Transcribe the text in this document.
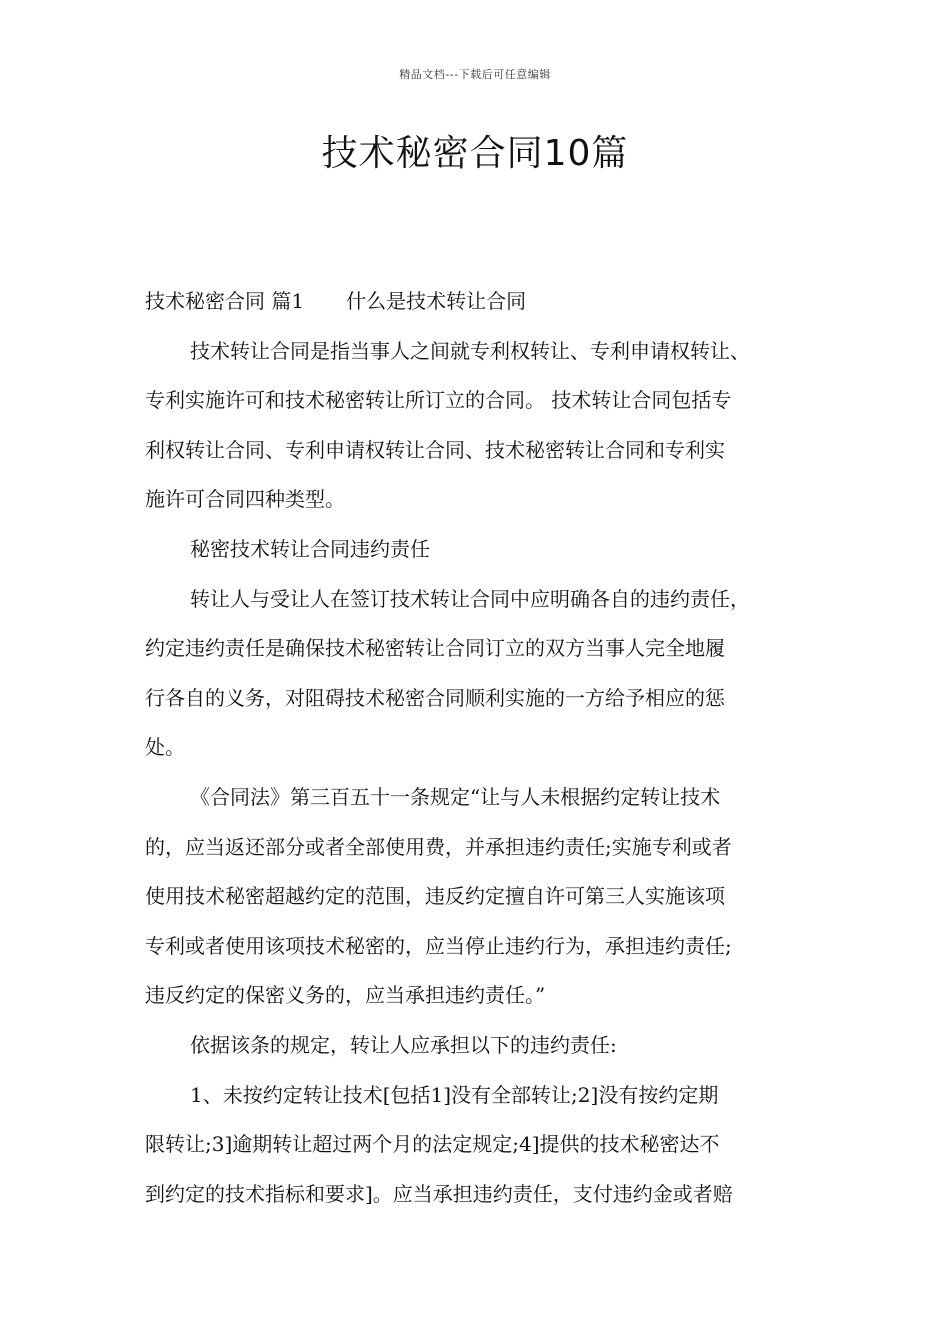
精品文档---下载后可任意编辑
技术秘密合同10篇
技术秘密合同 篇1 什么是技术转让合同
技术转让合同是指当事人之间就专利权转让、专利申请权转让、
专利实施许可和技术秘密转让所订立的合同。 技术转让合同包括专
利权转让合同、专利申请权转让合同、技术秘密转让合同和专利实
施许可合同四种类型。
秘密技术转让合同违约责任
转让人与受让人在签订技术转让合同中应明确各自的违约责任，
约定违约责任是确保技术秘密转让合同订立的双方当事人完全地履
行各自的义务，对阻碍技术秘密合同顺利实施的一方给予相应的惩
处。
《合同法》第三百五十一条规定“让与人未根据约定转让技术
的，应当返还部分或者全部使用费，并承担违约责任;实施专利或者
使用技术秘密超越约定的范围，违反约定擅自许可第三人实施该项
专利或者使用该项技术秘密的，应当停止违约行为，承担违约责任;
违反约定的保密义务的，应当承担违约责任。”
依据该条的规定，转让人应承担以下的违约责任:
1、未按约定转让技术[包括1]没有全部转让;2]没有按约定期
限转让;3]逾期转让超过两个月的法定规定;4]提供的技术秘密达不
到约定的技术指标和要求]。应当承担违约责任，支付违约金或者赔
